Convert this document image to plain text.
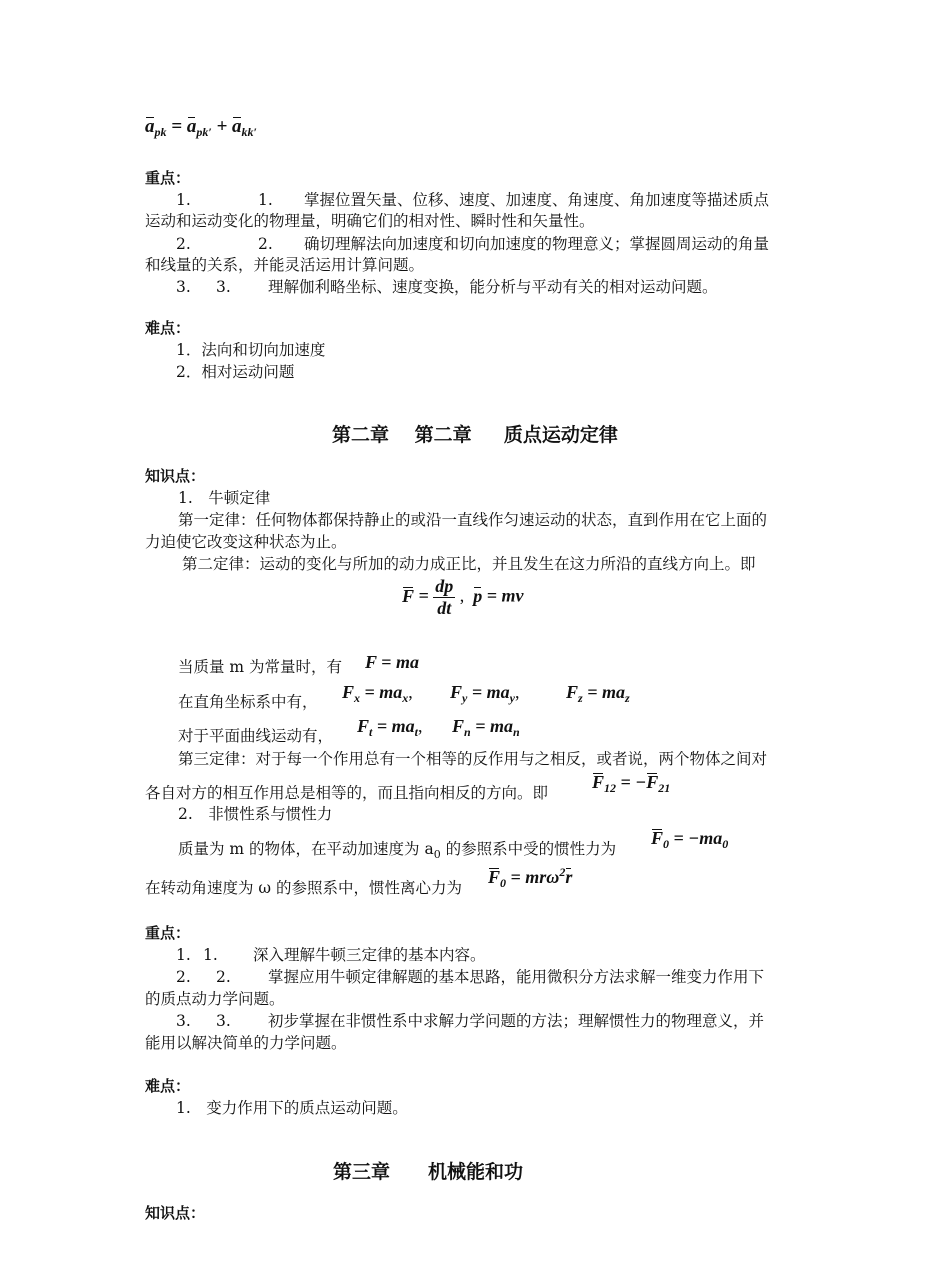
$a_{pk} = a_{pk'} + a_{kk'}$
重点：
1.	1. 掌握位置矢量、位移、速度、加速度、角速度、角加速度等描述质点
运动和运动变化的物理量，明确它们的相对性、瞬时性和矢量性。
2.	2. 确切理解法向加速度和切向加速度的物理意义；掌握圆周运动的角量
和线量的关系，并能灵活运用计算问题。
3. 3. 理解伽利略坐标、速度变换，能分析与平动有关的相对运动问题。
难点：
1．法向和切向加速度
2．相对运动问题
第二章　 第二章　  质点运动定律
知识点：
1.　牛顿定律
第一定律：任何物体都保持静止的或沿一直线作匀速运动的状态，直到作用在它上面的
力迫使它改变这种状态为止。
第二定律：运动的变化与所加的动力成正比，并且发生在这力所沿的直线方向上。即
$F = \frac{dp}{dt}$ , p = mv
当质量 m 为常量时，有 F = ma
在直角坐标系中有， $F_x = ma_x$, $F_y = ma_y$,	$F_z = ma_z$
对于平面曲线运动有， $F_t = ma_t$, $F_n = ma_n$
第三定律：对于每一个作用总有一个相等的反作用与之相反，或者说，两个物体之间对
各自对方的相互作用总是相等的，而且指向相反的方向。即
$F_{12} = -F_{21}$
2.　非惯性系与惯性力
质量为 m 的物体，在平动加速度为 $a_0$ 的参照系中受的惯性力为
$F_0 = -ma_0$
在转动角速度为 ω 的参照系中，惯性离心力为
$F_0 = mr\omega^2r$
重点：
1. 1. 深入理解牛顿三定律的基本内容。
2. 2. 掌握应用牛顿定律解题的基本思路，能用微积分方法求解一维变力作用下
的质点动力学问题。
3. 3. 初步掌握在非惯性系中求解力学问题的方法；理解惯性力的物理意义，并
能用以解决简单的力学问题。
难点：
1.　变力作用下的质点运动问题。
第三章　　机械能和功
知识点：
